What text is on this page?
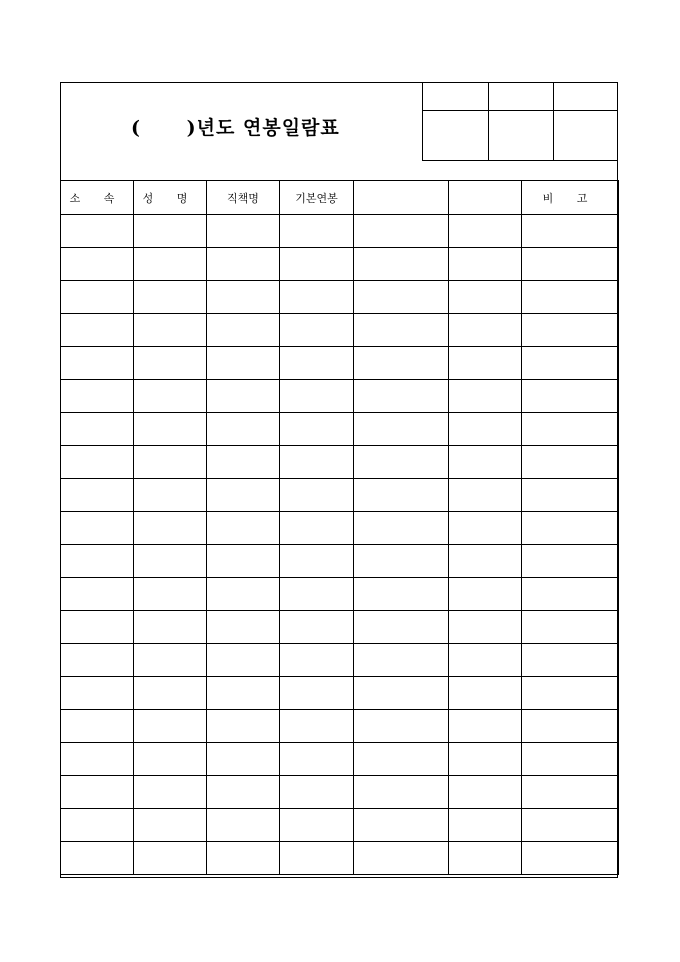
(      )년도 연봉일람표

소 속	성 명	직책명	기본연봉			비 고
